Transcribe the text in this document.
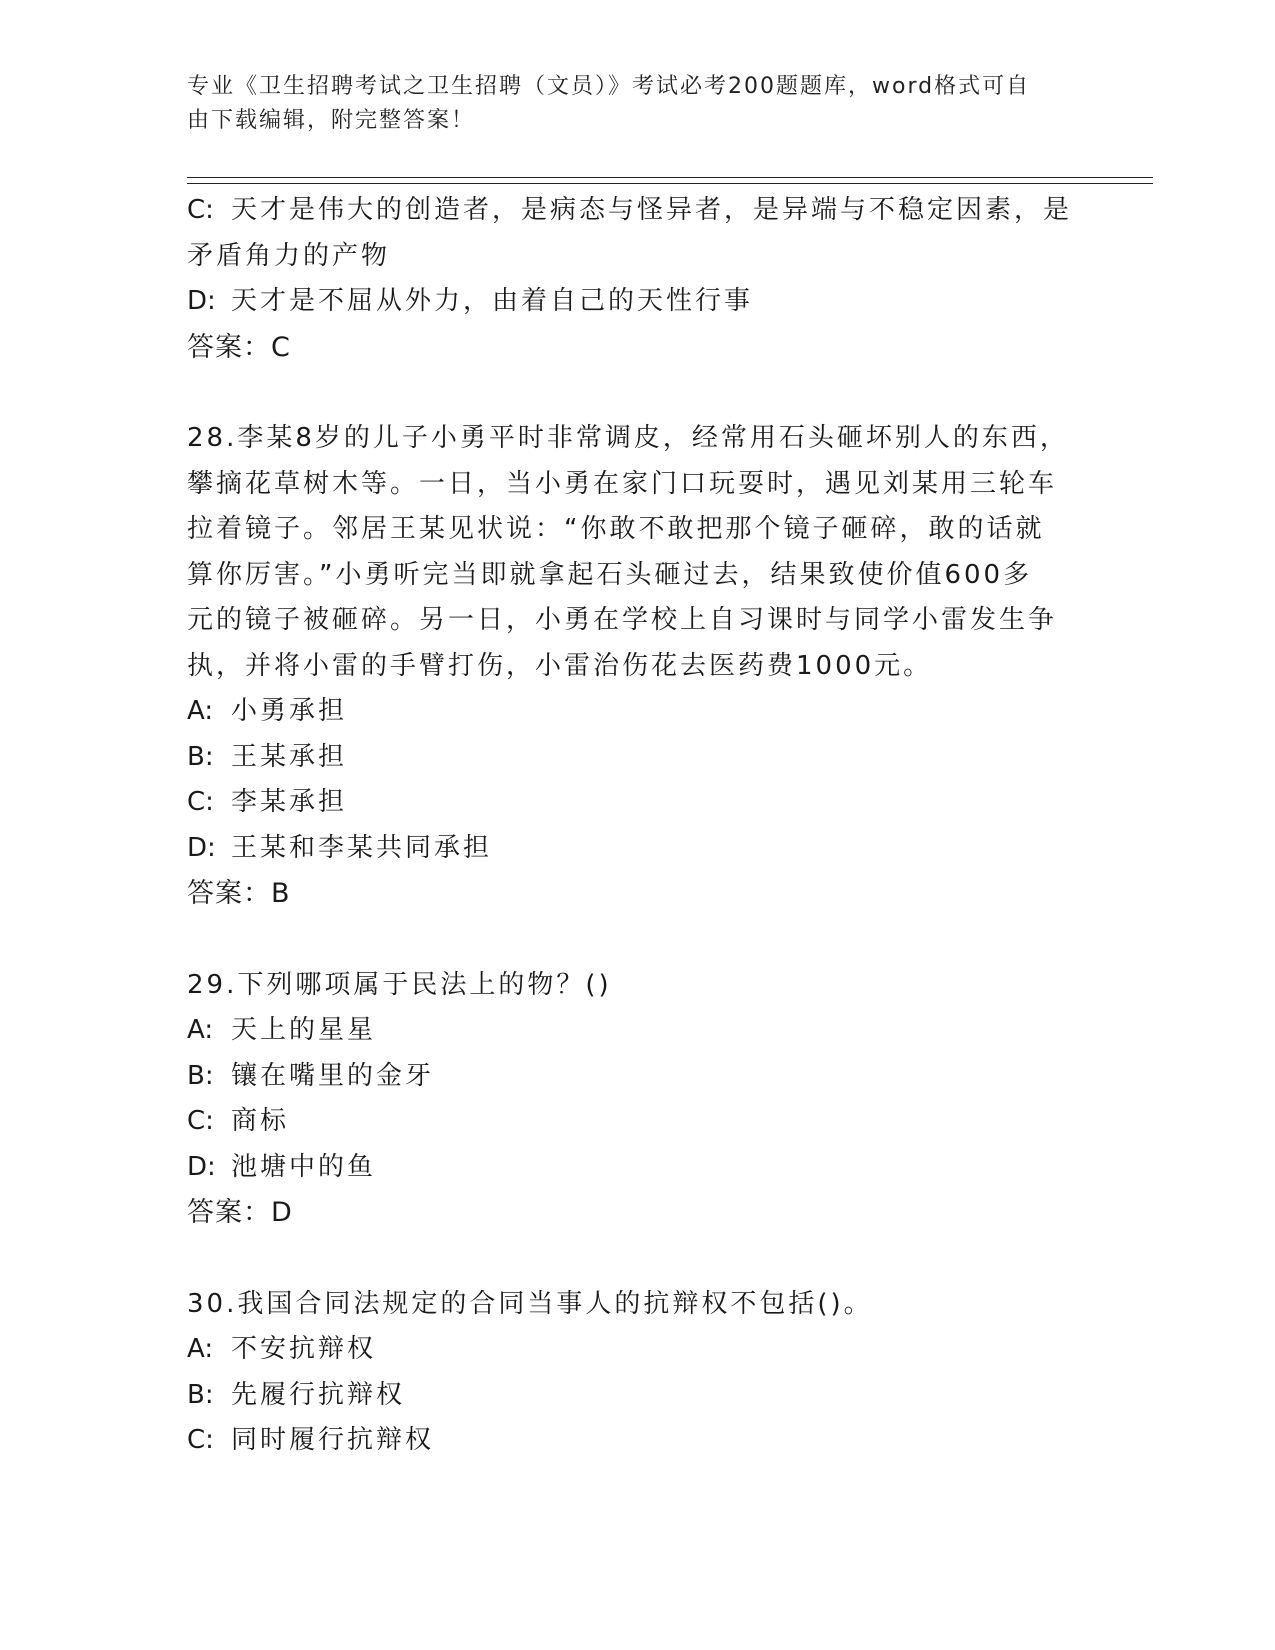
专业《卫生招聘考试之卫生招聘（文员）》考试必考200题题库，word格式可自
由下载编辑，附完整答案！
C: 天才是伟大的创造者，是病态与怪异者，是异端与不稳定因素，是
矛盾角力的产物
D: 天才是不屈从外力，由着自己的天性行事
答案：C
28.李某8岁的儿子小勇平时非常调皮，经常用石头砸坏别人的东西，
攀摘花草树木等。一日，当小勇在家门口玩耍时，遇见刘某用三轮车
拉着镜子。邻居王某见状说：“你敢不敢把那个镜子砸碎，敢的话就
算你厉害。”小勇听完当即就拿起石头砸过去，结果致使价值600多
元的镜子被砸碎。另一日，小勇在学校上自习课时与同学小雷发生争
执，并将小雷的手臂打伤，小雷治伤花去医药费1000元。
A: 小勇承担
B: 王某承担
C: 李某承担
D: 王某和李某共同承担
答案：B
29.下列哪项属于民法上的物？()
A: 天上的星星
B: 镶在嘴里的金牙
C: 商标
D: 池塘中的鱼
答案：D
30.我国合同法规定的合同当事人的抗辩权不包括()。
A: 不安抗辩权
B: 先履行抗辩权
C: 同时履行抗辩权
